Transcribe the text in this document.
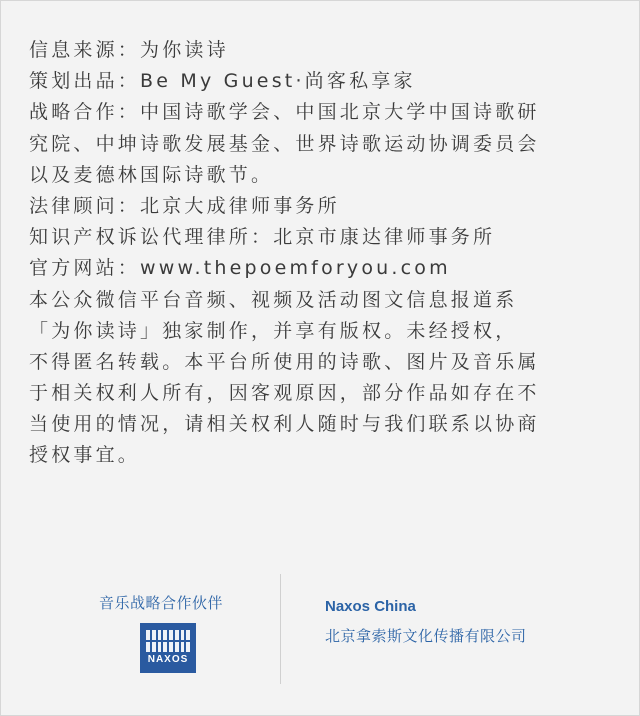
信息来源：为你读诗
策划出品：Be My Guest·尚客私享家
战略合作：中国诗歌学会、中国北京大学中国诗歌研
究院、中坤诗歌发展基金、世界诗歌运动协调委员会
以及麦德林国际诗歌节。
法律顾问：北京大成律师事务所
知识产权诉讼代理律所：北京市康达律师事务所
官方网站：www.thepoemforyou.com
本公众微信平台音频、视频及活动图文信息报道系
「为你读诗」独家制作，并享有版权。未经授权，
不得匿名转载。本平台所使用的诗歌、图片及音乐属
于相关权利人所有，因客观原因，部分作品如存在不
当使用的情况，请相关权利人随时与我们联系以协商
授权事宜。
音乐战略合作伙伴
NAXOS
Naxos China
北京拿索斯文化传播有限公司
